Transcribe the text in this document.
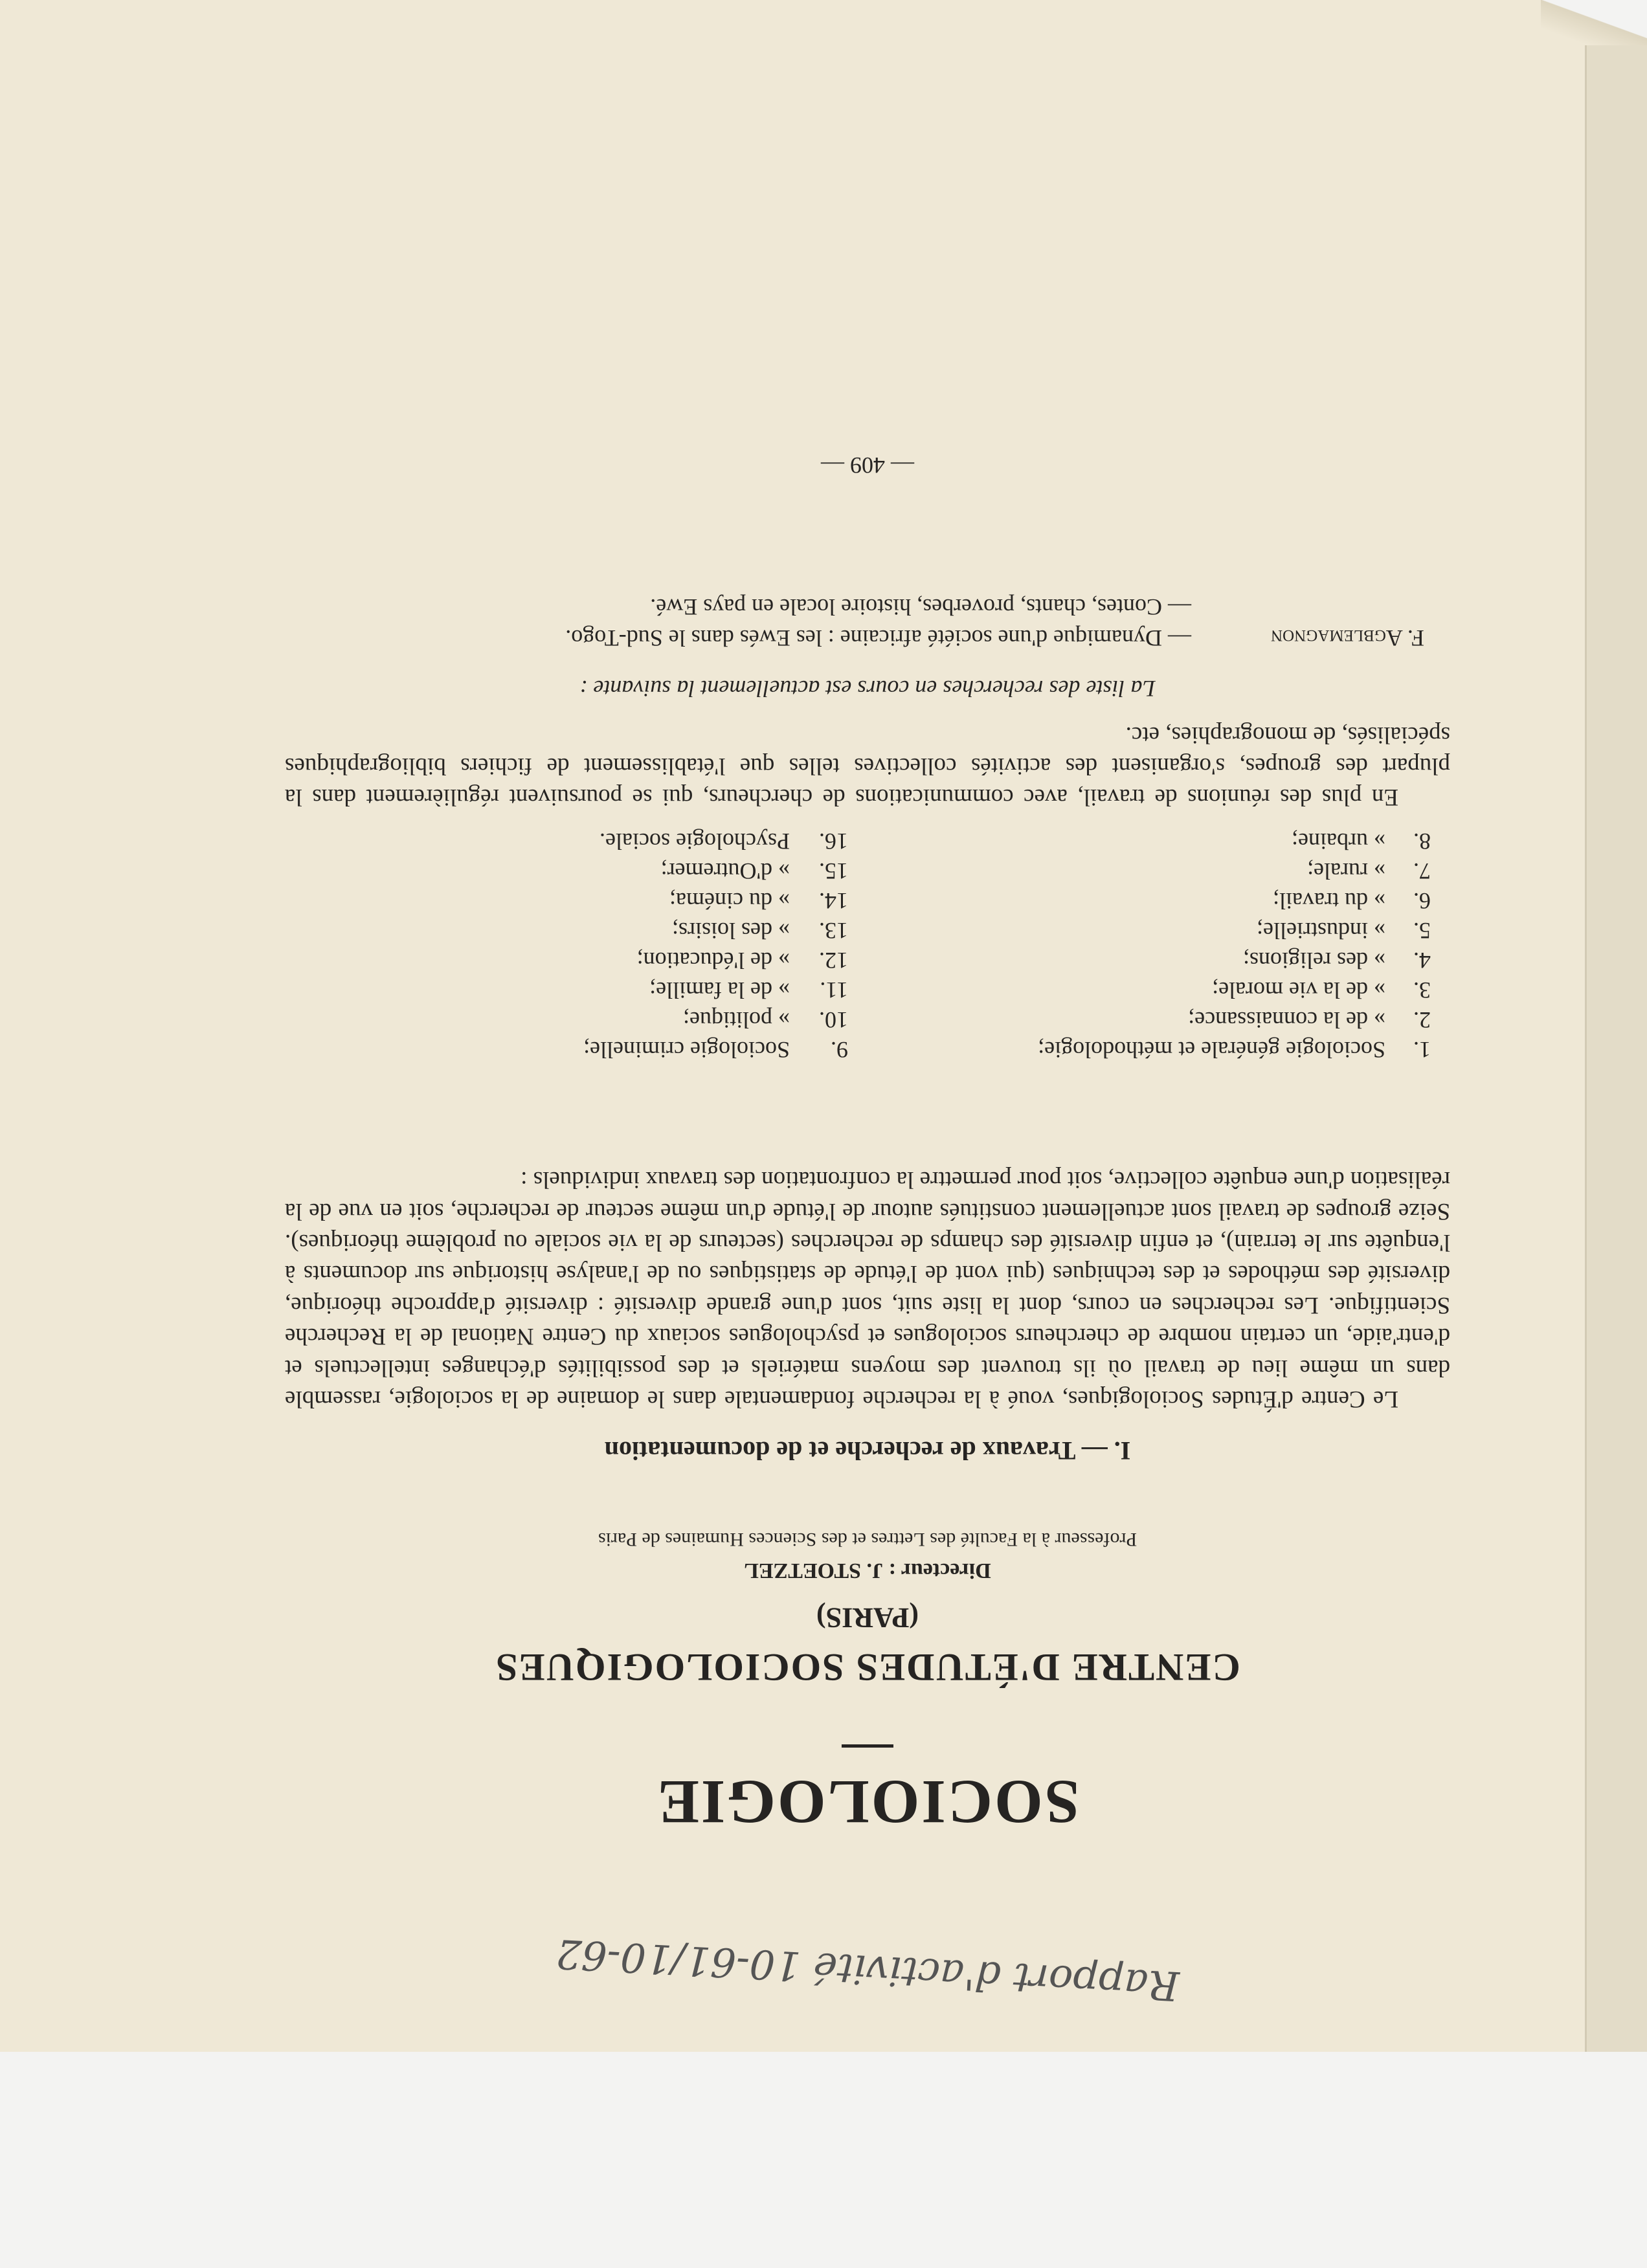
Rapport d'activité 10-61/10-62
SOCIOLOGIE
CENTRE D'ÉTUDES SOCIOLOGIQUES
(PARIS)
Directeur : J. STOETZEL
Professeur à la Faculté des Lettres et des Sciences Humaines de Paris
I. — Travaux de recherche et de documentation

Le Centre d'Études Sociologiques, voué à la recherche fondamentale dans le domaine de la sociologie, rassemble dans un même lieu de travail où ils trouvent des moyens matériels et des possibilités d'échanges intellectuels et d'entr'aide, un certain nombre de chercheurs sociologues et psychologues sociaux du Centre National de la Recherche Scientifique. Les recherches en cours, dont la liste suit, sont d'une grande diversité : diversité d'approche théorique, diversité des méthodes et des techniques (qui vont de l'étude de statistiques ou de l'analyse historique sur documents à l'enquête sur le terrain), et enfin diversité des champs de recherches (secteurs de la vie sociale ou problème théoriques). Seize groupes de travail sont actuellement constitués autour de l'étude d'un même secteur de recherche, soit en vue de la réalisation d'une enquête collective, soit pour permettre la confrontation des travaux individuels :

1.
Sociologie générale et méthodologie;
9.
Sociologie criminelle;
2.
» de la connaissance;
10.
» politique;
3.
» de la vie morale;
11.
» de la famille;
4.
» des religions;
12.
» de l'éducation;
5.
» industrielle;
13.
» des loisirs;
6.
» du travail;
14.
» du cinéma;
7.
» rurale;
15.
» d'Outremer;
8.
» urbaine;
16.
Psychologie sociale.

En plus des réunions de travail, avec communications de chercheurs, qui se poursuivent régulièrement dans la plupart des groupes, s'organisent des activités collectives telles que l'établissement de fichiers bibliographiques spécialisés, de monographies, etc.

La liste des recherches en cours est actuellement la suivante :
F. Agblemagnon
— Dynamique d'une société africaine : les Ewés dans le Sud-Togo.
— Contes, chants, proverbes, histoire locale en pays Ewé.
— 409 —
